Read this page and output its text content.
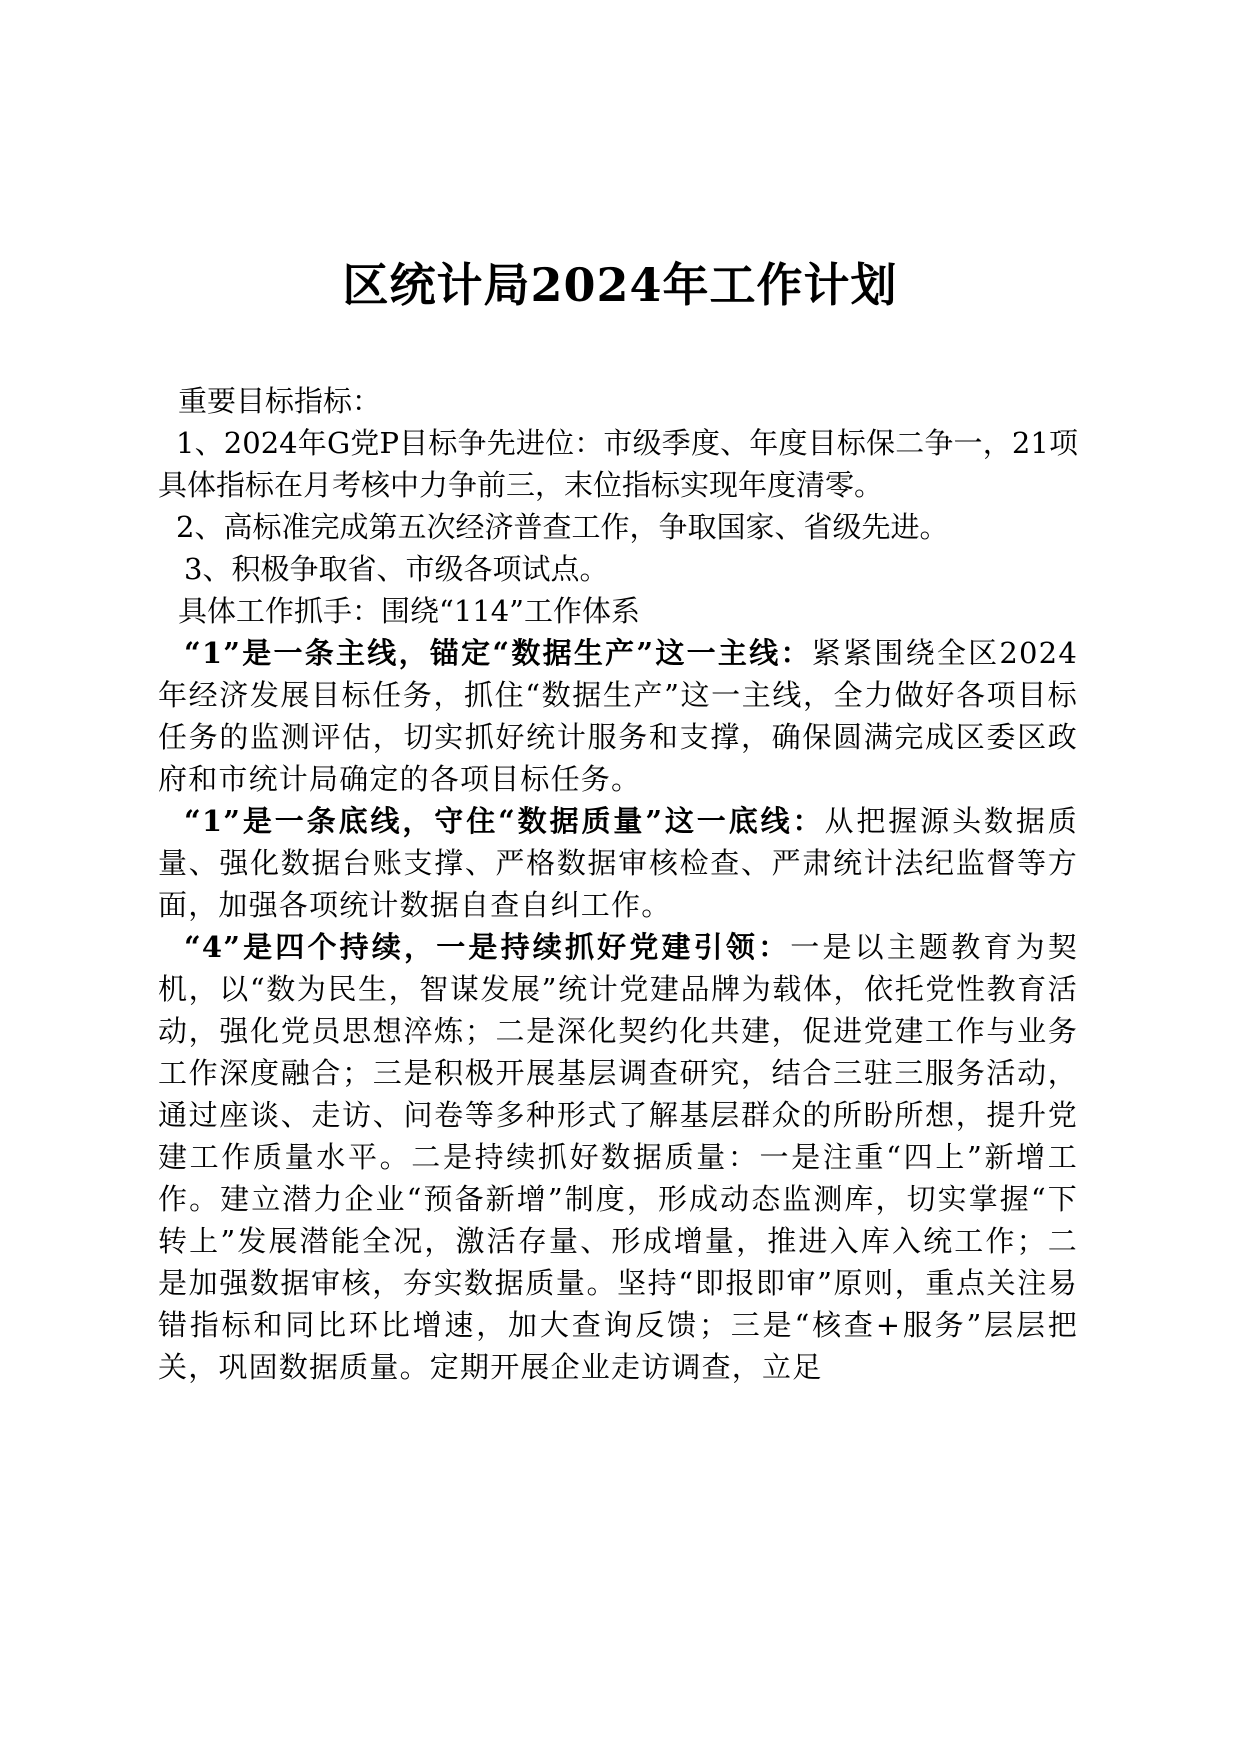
区统计局2024年工作计划

重要目标指标：

1、2024年G党P目标争先进位：市级季度、年度目标保二争一，21项具体指标在月考核中力争前三，末位指标实现年度清零。

2、高标准完成第五次经济普查工作，争取国家、省级先进。

3、积极争取省、市级各项试点。

具体工作抓手：围绕“114”工作体系

“1”是一条主线，锚定“数据生产”这一主线：紧紧围绕全区2024年经济发展目标任务，抓住“数据生产”这一主线，全力做好各项目标任务的监测评估，切实抓好统计服务和支撑，确保圆满完成区委区政府和市统计局确定的各项目标任务。

“1”是一条底线，守住“数据质量”这一底线：从把握源头数据质量、强化数据台账支撑、严格数据审核检查、严肃统计法纪监督等方面，加强各项统计数据自查自纠工作。

“4”是四个持续，一是持续抓好党建引领：一是以主题教育为契机，以“数为民生，智谋发展”统计党建品牌为载体，依托党性教育活动，强化党员思想淬炼；二是深化契约化共建，促进党建工作与业务工作深度融合；三是积极开展基层调查研究，结合三驻三服务活动，通过座谈、走访、问卷等多种形式了解基层群众的所盼所想，提升党建工作质量水平。二是持续抓好数据质量：一是注重“四上”新增工作。建立潜力企业“预备新增”制度，形成动态监测库，切实掌握“下转上”发展潜能全况，激活存量、形成增量，推进入库入统工作；二是加强数据审核，夯实数据质量。坚持“即报即审”原则，重点关注易错指标和同比环比增速，加大查询反馈；三是“核查+服务”层层把关，巩固数据质量。定期开展企业走访调查，立足
